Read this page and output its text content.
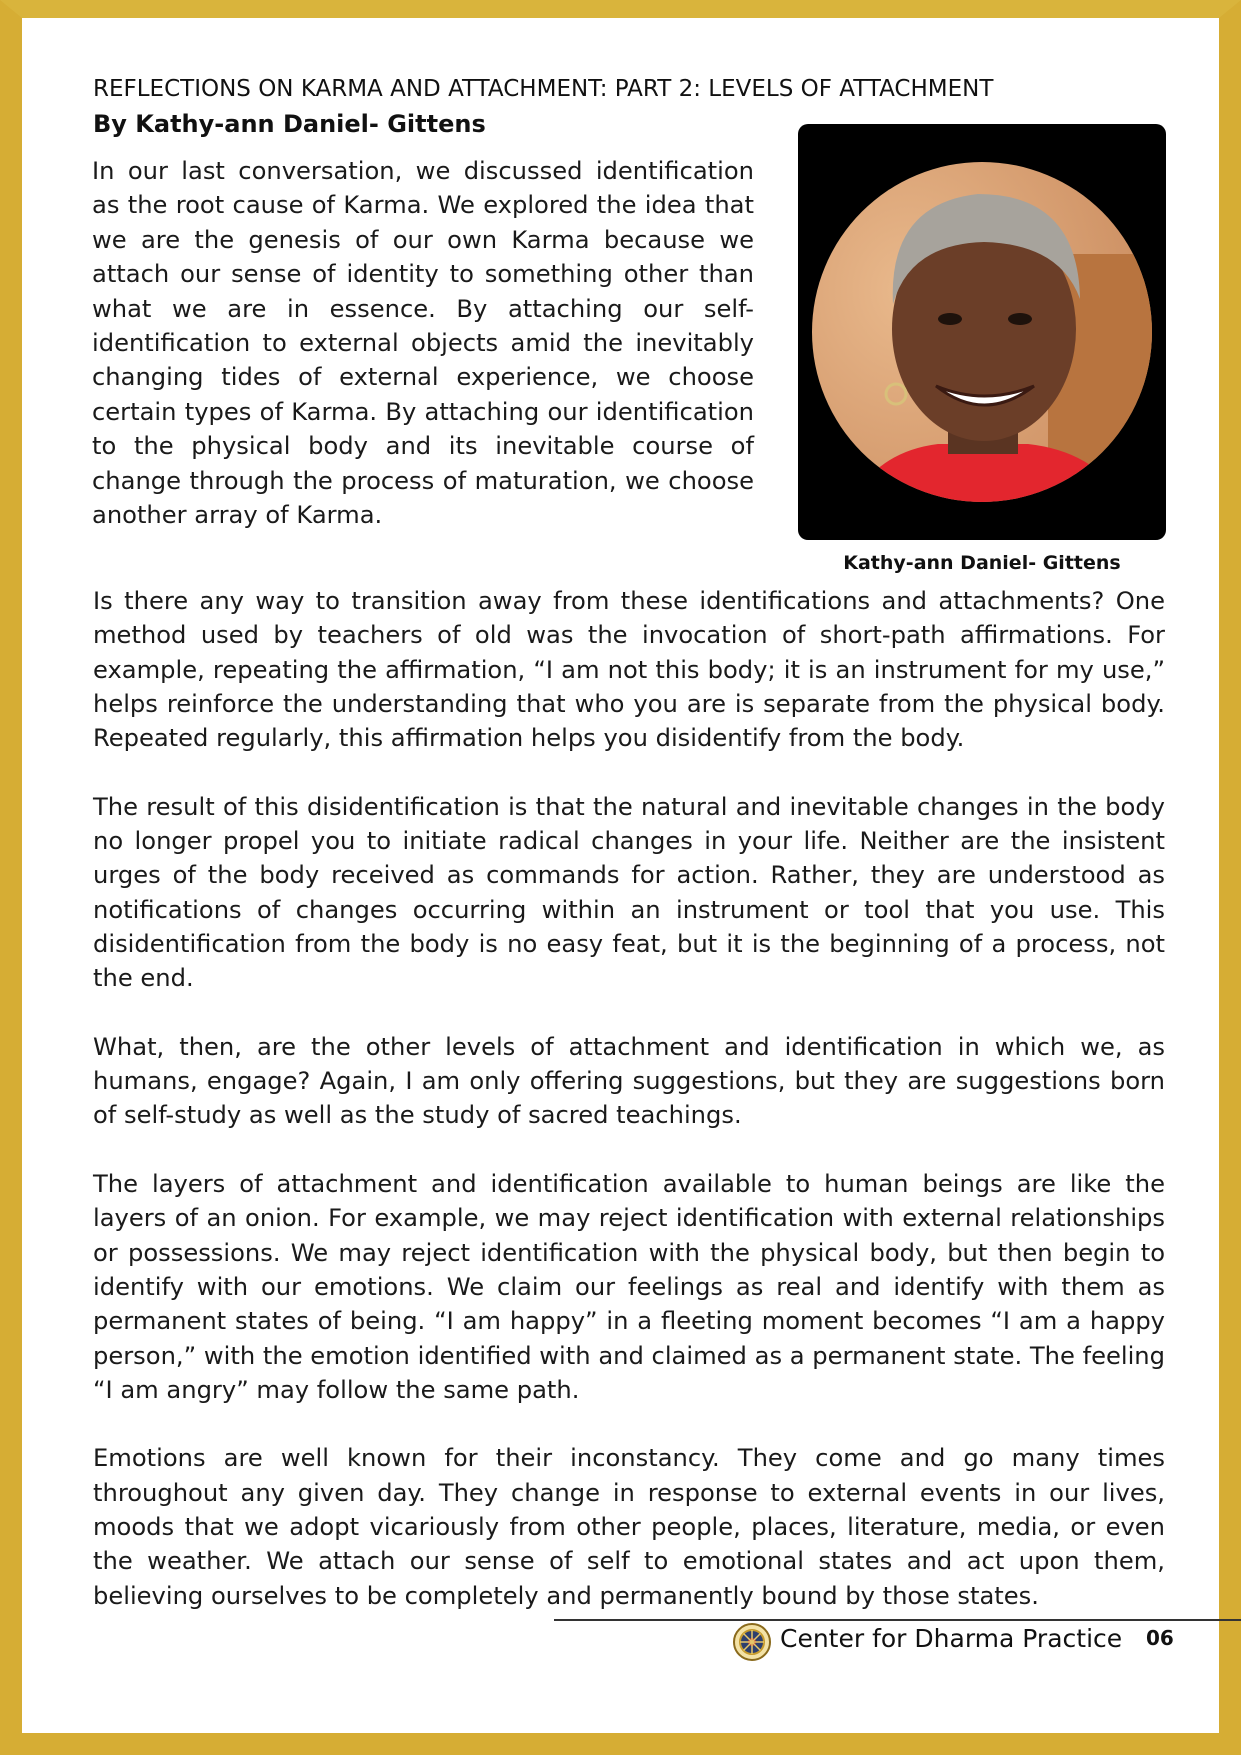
REFLECTIONS ON KARMA AND ATTACHMENT: PART 2: LEVELS OF ATTACHMENT
By Kathy-ann Daniel- Gittens

In our last conversation, we discussed identification as the root cause of Karma. We explored the idea that we are the genesis of our own Karma because we attach our sense of identity to something other than what we are in essence. By attaching our self-identification to external objects amid the inevitably changing tides of external experience, we choose certain types of Karma. By attaching our identification to the physical body and its inevitable course of change through the process of maturation, we choose another array of Karma.

Kathy-ann Daniel- Gittens

Is there any way to transition away from these identifications and attachments? One method used by teachers of old was the invocation of short-path affirmations. For example, repeating the affirmation, “I am not this body; it is an instrument for my use,” helps reinforce the understanding that who you are is separate from the physical body. Repeated regularly, this affirmation helps you disidentify from the body.

The result of this disidentification is that the natural and inevitable changes in the body no longer propel you to initiate radical changes in your life. Neither are the insistent urges of the body received as commands for action. Rather, they are understood as notifications of changes occurring within an instrument or tool that you use. This disidentification from the body is no easy feat, but it is the beginning of a process, not the end.

What, then, are the other levels of attachment and identification in which we, as humans, engage? Again, I am only offering suggestions, but they are suggestions born of self-study as well as the study of sacred teachings.

The layers of attachment and identification available to human beings are like the layers of an onion. For example, we may reject identification with external relationships or possessions. We may reject identification with the physical body, but then begin to identify with our emotions. We claim our feelings as real and identify with them as permanent states of being. “I am happy” in a fleeting moment becomes “I am a happy person,” with the emotion identified with and claimed as a permanent state. The feeling “I am angry” may follow the same path.

Emotions are well known for their inconstancy. They come and go many times throughout any given day. They change in response to external events in our lives, moods that we adopt vicariously from other people, places, literature, media, or even the weather. We attach our sense of self to emotional states and act upon them, believing ourselves to be completely and permanently bound by those states.

Center for Dharma Practice 06
